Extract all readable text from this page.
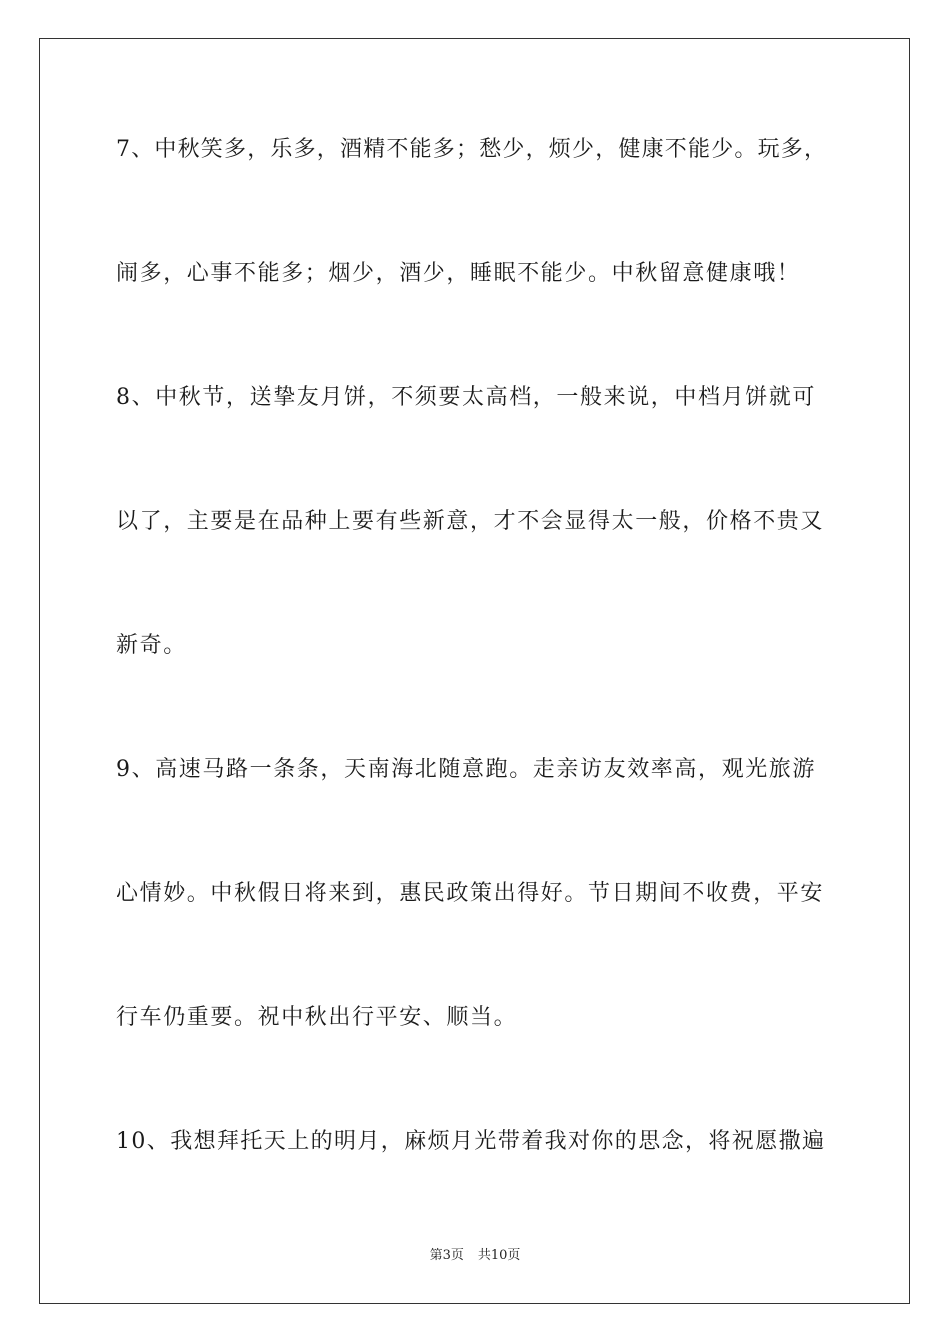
7、中秋笑多，乐多，酒精不能多；愁少，烦少，健康不能少。玩多，
闹多，心事不能多；烟少，酒少，睡眠不能少。中秋留意健康哦！
8、中秋节，送挚友月饼，不须要太高档，一般来说，中档月饼就可
以了，主要是在品种上要有些新意，才不会显得太一般，价格不贵又
新奇。
9、高速马路一条条，天南海北随意跑。走亲访友效率高，观光旅游
心情妙。中秋假日将来到，惠民政策出得好。节日期间不收费，平安
行车仍重要。祝中秋出行平安、顺当。
10、我想拜托天上的明月，麻烦月光带着我对你的思念，将祝愿撒遍
第3页 共10页
